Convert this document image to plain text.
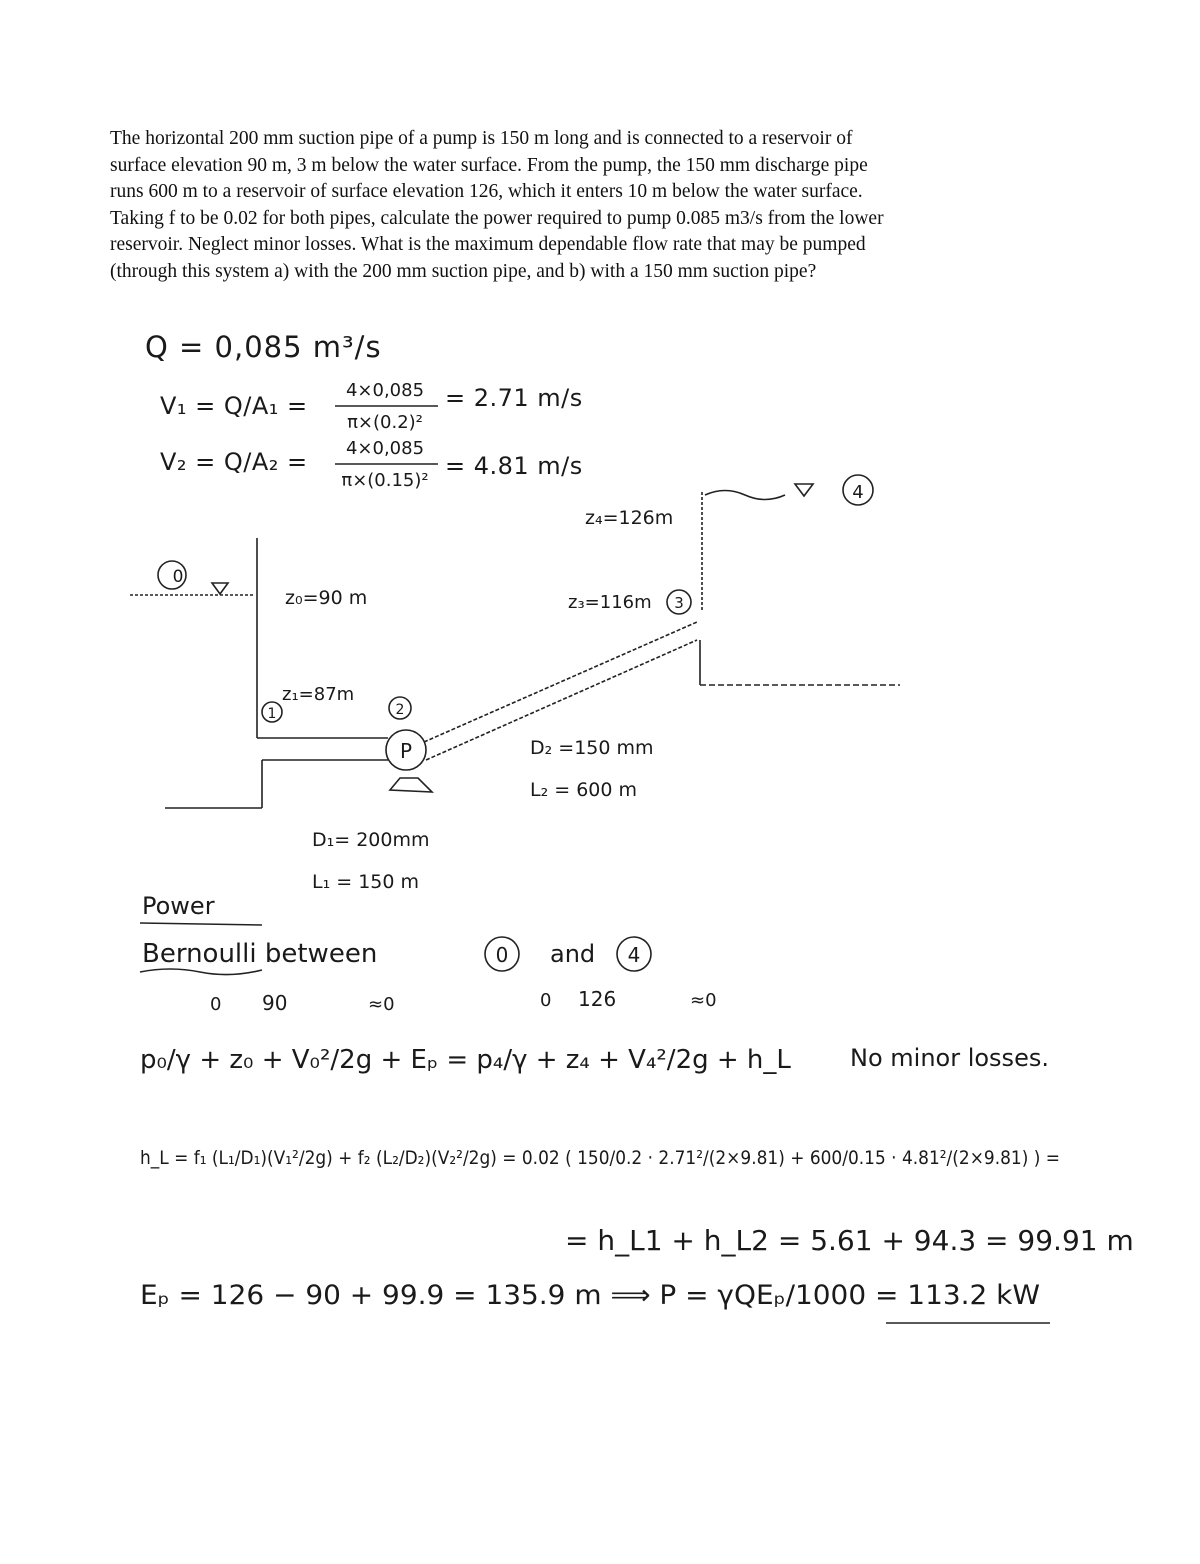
The horizontal 200 mm suction pipe of a pump is 150 m long and is connected to a reservoir of
surface elevation 90 m, 3 m below the water surface. From the pump, the 150 mm discharge pipe
runs 600 m to a reservoir of surface elevation 126, which it enters 10 m below the water surface.
Taking f to be 0.02 for both pipes, calculate the power required to pump 0.085 m3/s from the lower
reservoir. Neglect minor losses. What is the maximum dependable flow rate that may be pumped
(through this system a) with the 200 mm suction pipe, and b) with a 150 mm suction pipe?
Q = 0,085 m³/s
V₁ = Q/A₁ =
4×0,085
π×(0.2)²
= 2.71 m/s
V₂ = Q/A₂ =	4×0,085
π×(0.15)²
= 4.81 m/s
0
4
3
1	2
P
z₄=126m
z₀=90 m	z₃=116m
z₁=87m
D₂ =150 mm
L₂ = 600 m
D₁= 200mm
L₁ = 150 m
Power
Bernoulli between	0 and 4
0 90	≈0	0 126	≈0
p₀/γ + z₀ + V₀²/2g + Eₚ = p₄/γ + z₄ + V₄²/2g + h_L No minor losses.
h_L = f₁ (L₁/D₁)(V₁²/2g) + f₂ (L₂/D₂)(V₂²/2g) = 0.02 ( 150/0.2 · 2.71²/(2×9.81) + 600/0.15 · 4.81²/(2×9.81) ) =
= h_L1 + h_L2 = 5.61 + 94.3 = 99.91 m
Eₚ = 126 − 90 + 99.9 = 135.9 m ⟹ P = γQEₚ/1000 = 113.2 kW
